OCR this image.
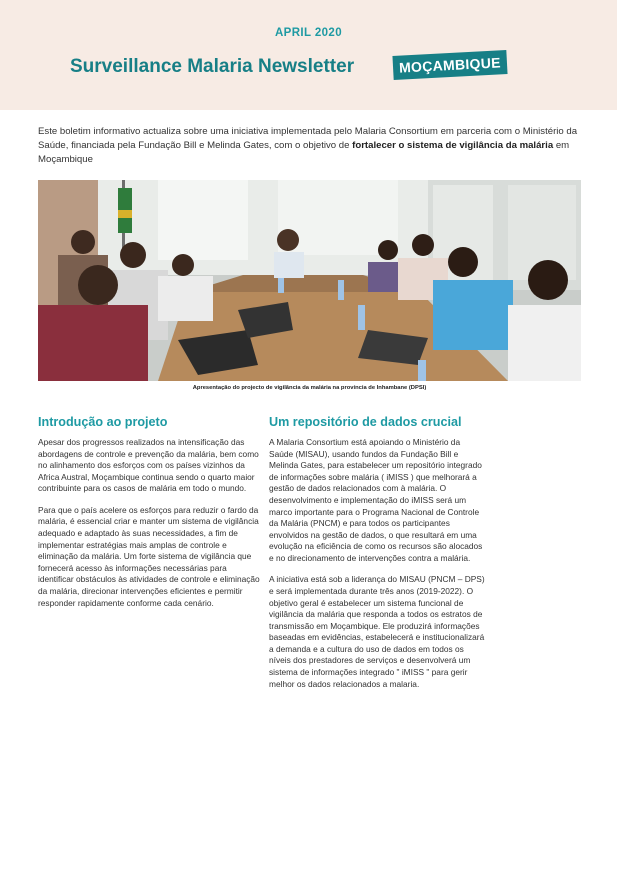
APRIL 2020
Surveillance Malaria Newsletter	MOÇAMBIQUE
Este boletim informativo actualiza sobre uma iniciativa implementada pelo Malaria Consortium em parceria com o Ministério da Saúde, financiada pela Fundação Bill e Melinda Gates, com o objetivo de fortalecer o sistema de vigilância da malária em Moçambique
Apresentação do projecto de vigilância da malária na província de Inhambane (DPSI)
Introdução ao projeto

Apesar dos progressos realizados na intensificação das abordagens de controle e prevenção da malária, bem como no alinhamento dos esforços com os países vizinhos da Africa Austral, Moçambique continua sendo o quarto maior contribuinte para os casos de malária em todo o mundo.

Para que o país acelere os esforços para reduzir o fardo da malária, é essencial criar e manter um sistema de vigilância adequado e adaptado às suas necessidades, a fim de implementar estratégias mais amplas de controle e eliminação da malária. Um forte sistema de vigilância que fornecerá acesso às informações necessárias para identificar obstáculos às atividades de controle e eliminação da malária, direcionar intervenções eficientes e permitir responder rapidamente conforme cada cenário.

Um repositório de dados crucial

A Malaria Consortium está apoiando o Ministério da Saúde (MISAU), usando fundos da Fundação Bill e Melinda Gates, para estabelecer um repositório integrado de informações sobre malária ( iMISS ) que melhorará a gestão de dados relacionados com à malária. O desenvolvimento e implementação do iMISS será um marco importante para o Programa Nacional de Controle da Malária (PNCM) e para todos os participantes envolvidos na gestão de dados, o que resultará em uma evolução na eficiência de como os recursos são alocados e no direcionamento de intervenções contra a malária.

A iniciativa está sob a liderança do MISAU (PNCM – DPS) e será implementada durante três anos (2019-2022). O objetivo geral é estabelecer um sistema funcional de vigilância da malária que responda a todos os estratos de transmissão em Moçambique. Ele produzirá informações baseadas em evidências, estabelecerá e institucionalizará a demanda e a cultura do uso de dados em todos os níveis dos prestadores de serviços e desenvolverá um sistema de informações integrado " iMISS " para gerir melhor os dados relacionados a malaria.
